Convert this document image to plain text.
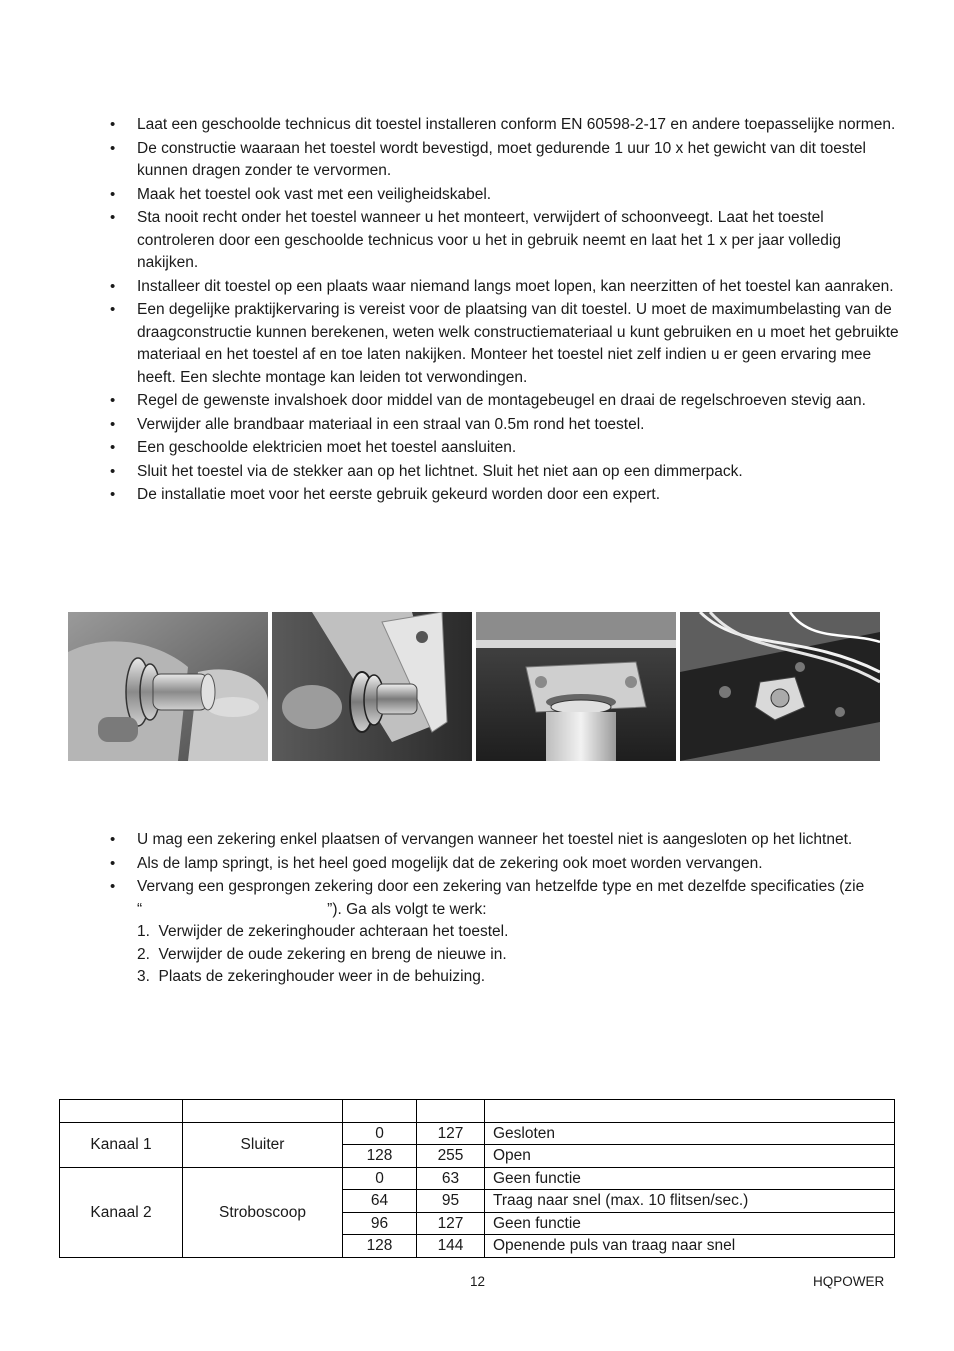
• Laat een geschoolde technicus dit toestel installeren conform EN 60598-2-17 en andere toepasselijke normen.
• De constructie waaraan het toestel wordt bevestigd, moet gedurende 1 uur 10 x het gewicht van dit toestel kunnen dragen zonder te vervormen.
• Maak het toestel ook vast met een veiligheidskabel.
• Sta nooit recht onder het toestel wanneer u het monteert, verwijdert of schoonveegt. Laat het toestel controleren door een geschoolde technicus voor u het in gebruik neemt en laat het 1 x per jaar volledig nakijken.
• Installeer dit toestel op een plaats waar niemand langs moet lopen, kan neerzitten of het toestel kan aanraken.
• Een degelijke praktijkervaring is vereist voor de plaatsing van dit toestel. U moet de maximumbelasting van de draagconstructie kunnen berekenen, weten welk constructiemateriaal u kunt gebruiken en u moet het gebruikte materiaal en het toestel af en toe laten nakijken. Monteer het toestel niet zelf indien u er geen ervaring mee heeft. Een slechte montage kan leiden tot verwondingen.
• Regel de gewenste invalshoek door middel van de montagebeugel en draai de regelschroeven stevig aan.
• Verwijder alle brandbaar materiaal in een straal van 0.5m rond het toestel.
• Een geschoolde elektricien moet het toestel aansluiten.
• Sluit het toestel via de stekker aan op het lichtnet. Sluit het niet aan op een dimmerpack.
• De installatie moet voor het eerste gebruik gekeurd worden door een expert.
• U mag een zekering enkel plaatsen of vervangen wanneer het toestel niet is aangesloten op het lichtnet.
• Als de lamp springt, is het heel goed mogelijk dat de zekering ook moet worden vervangen.
• Vervang een gesprongen zekering door een zekering van hetzelfde type en met dezelfde specificaties (zie
“	”). Ga als volgt te werk:
1.  Verwijder de zekeringhouder achteraan het toestel.
2.  Verwijder de oude zekering en breng de nieuwe in.
3.  Plaats de zekeringhouder weer in de behuizing.

Kanaal 1	Sluiter	0	127	Gesloten
		128	255	Open
Kanaal 2	Stroboscoop	0	63	Geen functie
		64	95	Traag naar snel (max. 10 flitsen/sec.)
		96	127	Geen functie
		128	144	Openende puls van traag naar snel
12	HQPOWER
